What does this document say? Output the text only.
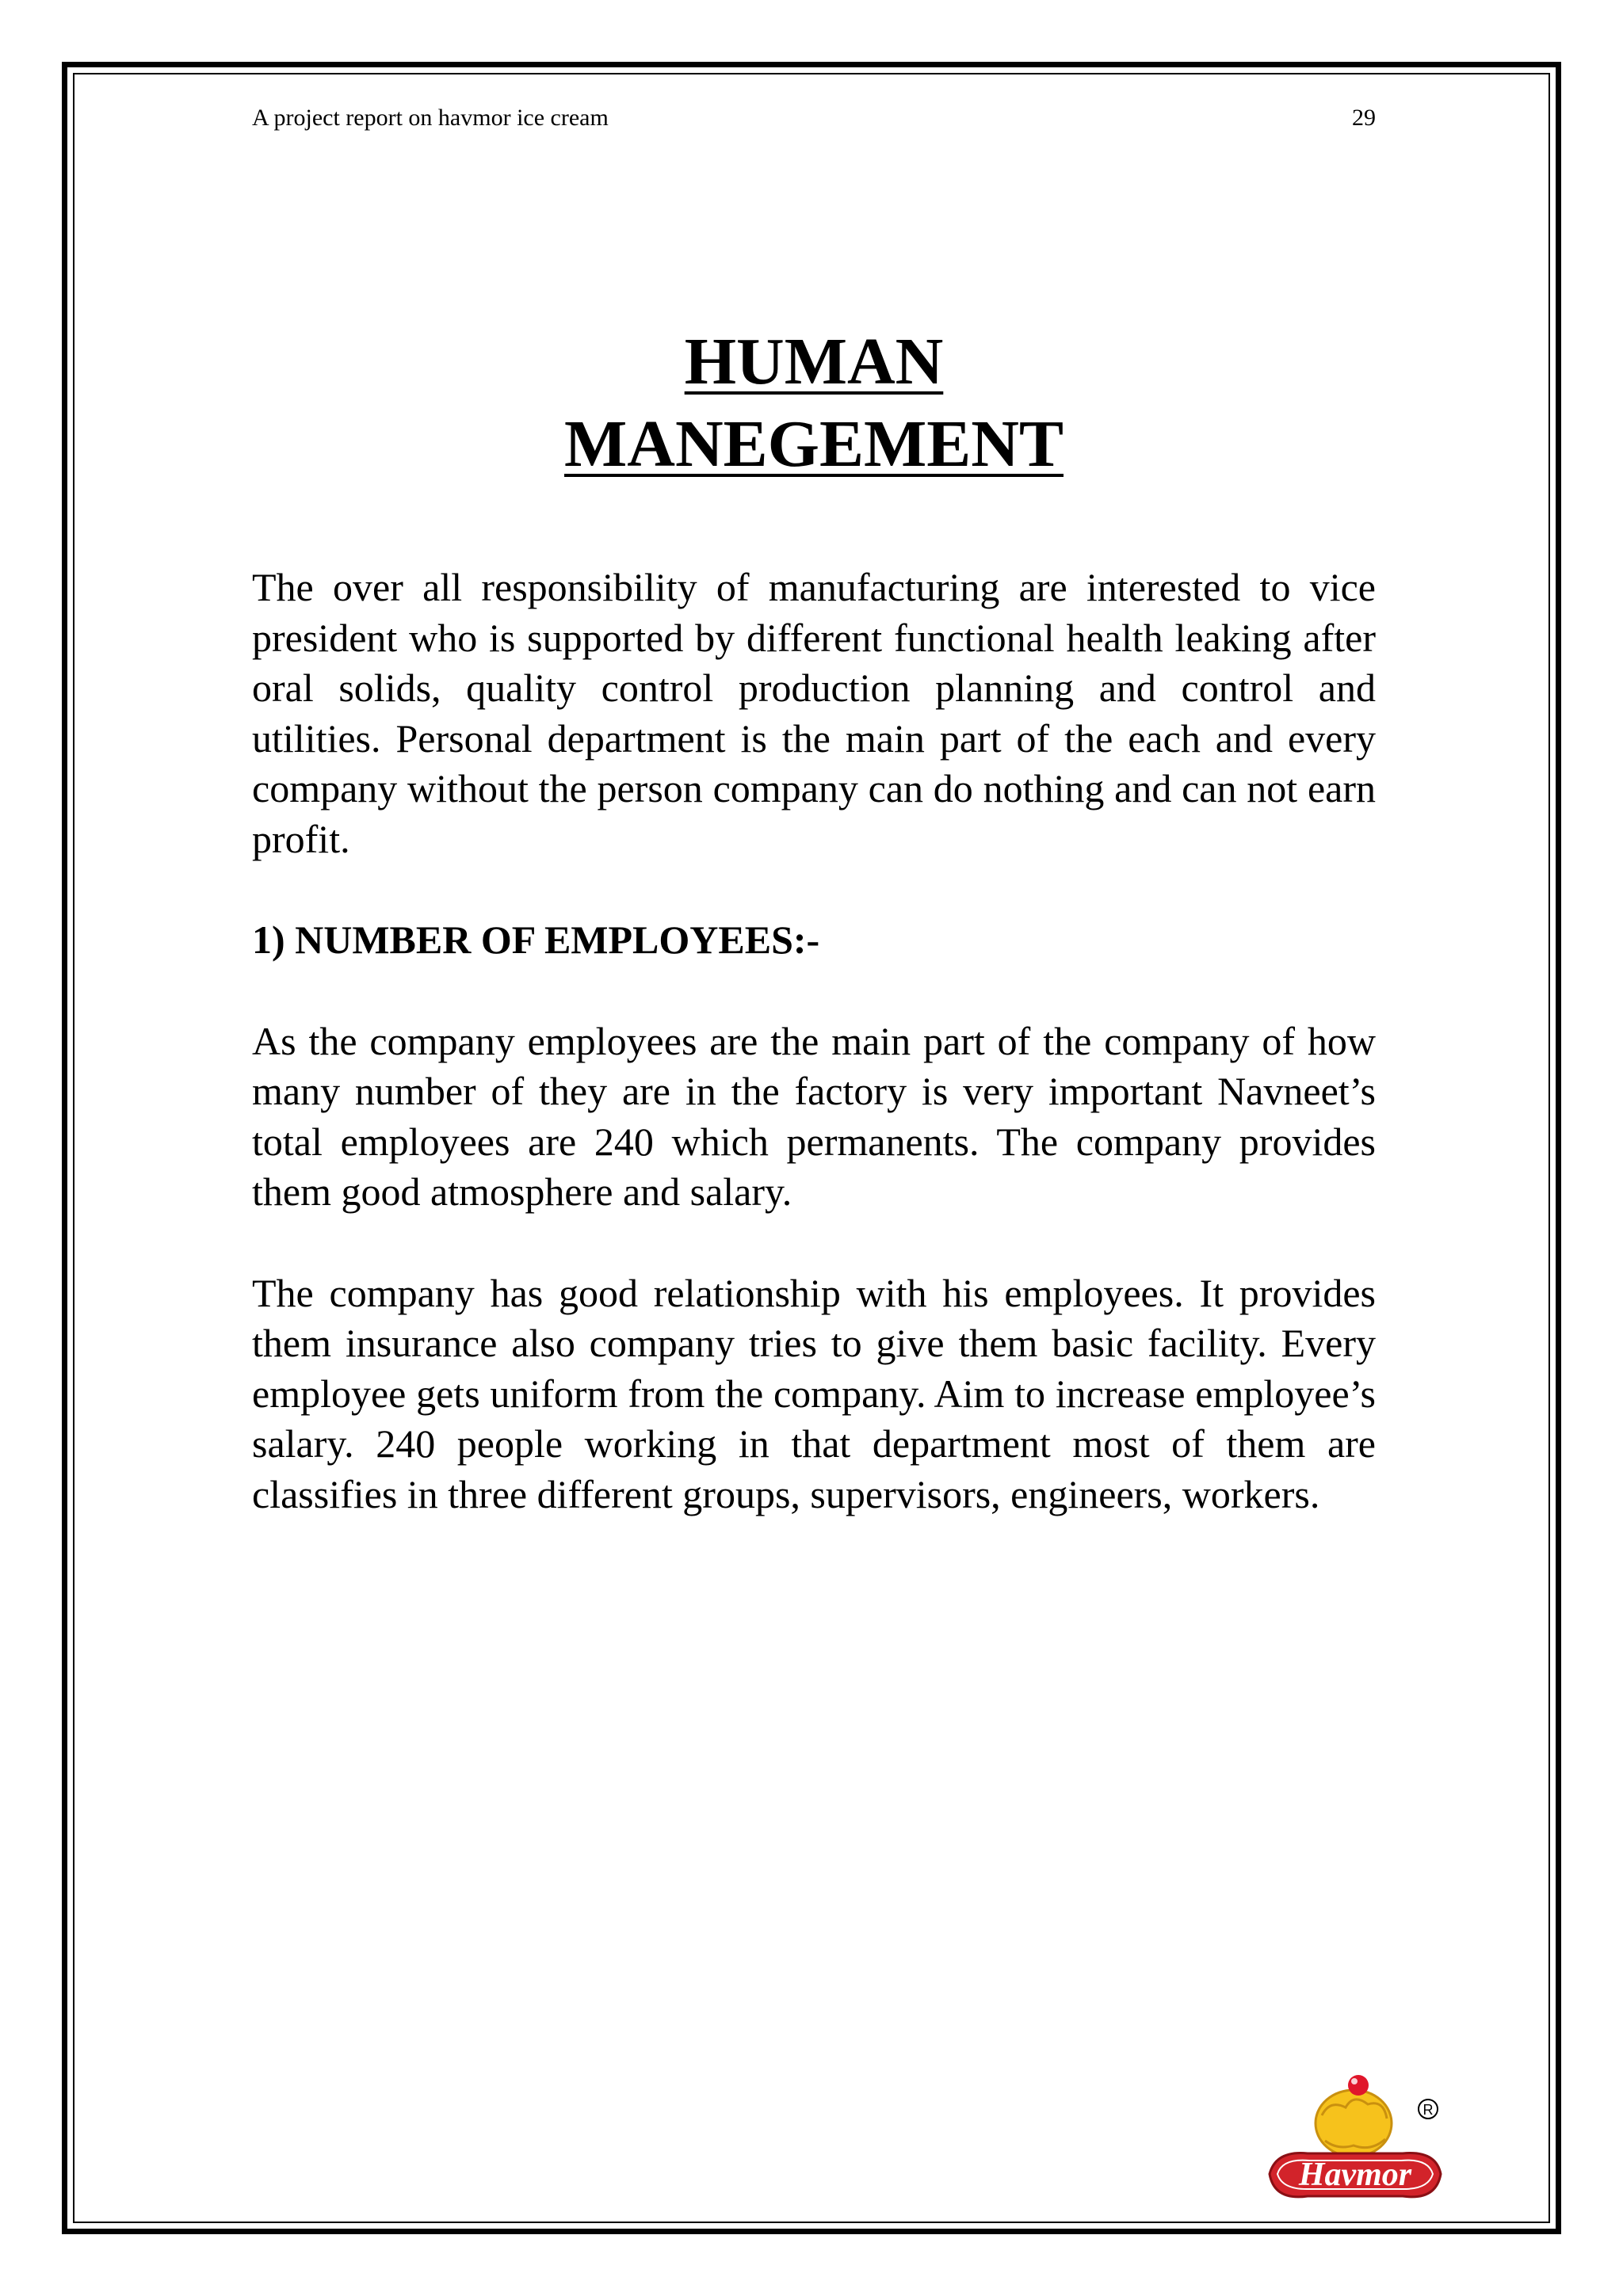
A project report on havmor ice cream	29
HUMAN
MANEGEMENT

The over all responsibility of manufacturing are interested to vice president who is supported by different functional health leaking after oral solids, quality control production planning and control and utilities. Personal department is the main part of the each and every company without the person company can do nothing and can not earn profit.

1) NUMBER OF EMPLOYEES:-

As the company employees are the main part of the company of how many number of they are in the factory is very important Navneet’s total employees are 240 which permanents. The company provides them good atmosphere and salary.

The company has good relationship with his employees. It provides them insurance also company tries to give them basic facility. Every employee gets uniform from the company. Aim to increase employee’s salary. 240 people working in that department most of them are classifies in three different groups, supervisors, engineers, workers.

Havmor
R
